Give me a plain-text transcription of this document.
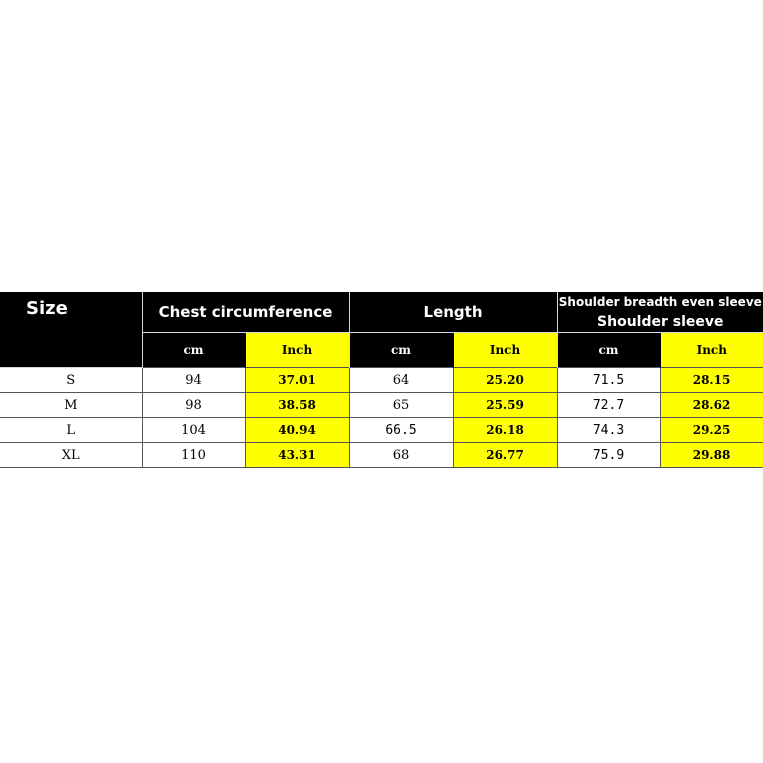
Size	Chest circumference		Length		Shoulder breadth even sleeve
Shoulder sleeve	

	cm	Inch	cm	Inch	cm	Inch
S	94	37.01	64	25.20	71.5	28.15
M	98	38.58	65	25.59	72.7	28.62
L	104	40.94	66.5	26.18	74.3	29.25
XL	110	43.31	68	26.77	75.9	29.88
